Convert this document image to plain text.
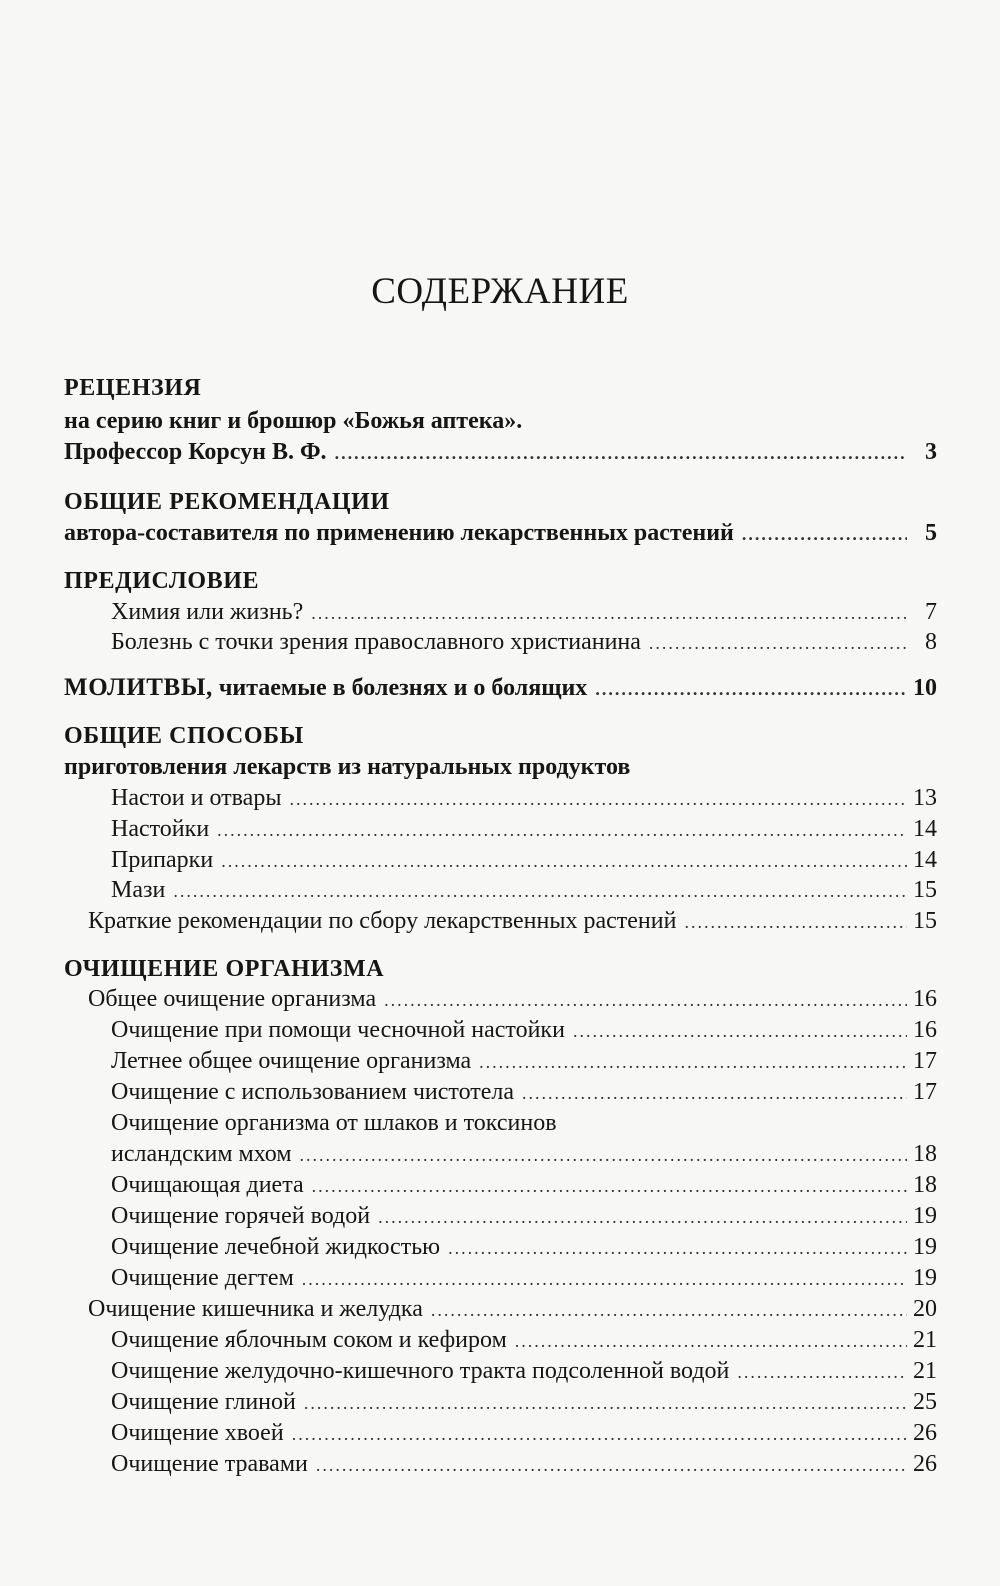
СОДЕРЖАНИЕ
РЕЦЕНЗИЯ
на серию книг и брошюр «Божья аптека».
Профессор Корсун В. Ф. .....	3
ОБЩИЕ РЕКОМЕНДАЦИИ
автора-составителя по применению лекарственных растений .....	5
ПРЕДИСЛОВИЕ
Химия или жизнь? .....	7
Болезнь с точки зрения православного христианина .....	8
МОЛИТВЫ, читаемые в болезнях и о болящих .....	10
ОБЩИЕ СПОСОБЫ
приготовления лекарств из натуральных продуктов
Настои и отвары .....	13
Настойки .....	14
Припарки .....	14
Мази .....	15
Краткие рекомендации по сбору лекарственных растений .....	15
ОЧИЩЕНИЕ ОРГАНИЗМА
Общее очищение организма .....	16
Очищение при помощи чесночной настойки .....	16
Летнее общее очищение организма .....	17
Очищение с использованием чистотела .....	17
Очищение организма от шлаков и токсинов
исландским мхом .....	18
Очищающая диета .....	18
Очищение горячей водой .....	19
Очищение лечебной жидкостью .....	19
Очищение дегтем .....	19
Очищение кишечника и желудка .....	20
Очищение яблочным соком и кефиром .....	21
Очищение желудочно-кишечного тракта подсоленной водой .....	21
Очищение глиной .....	25
Очищение хвоей .....	26
Очищение травами .....	26
